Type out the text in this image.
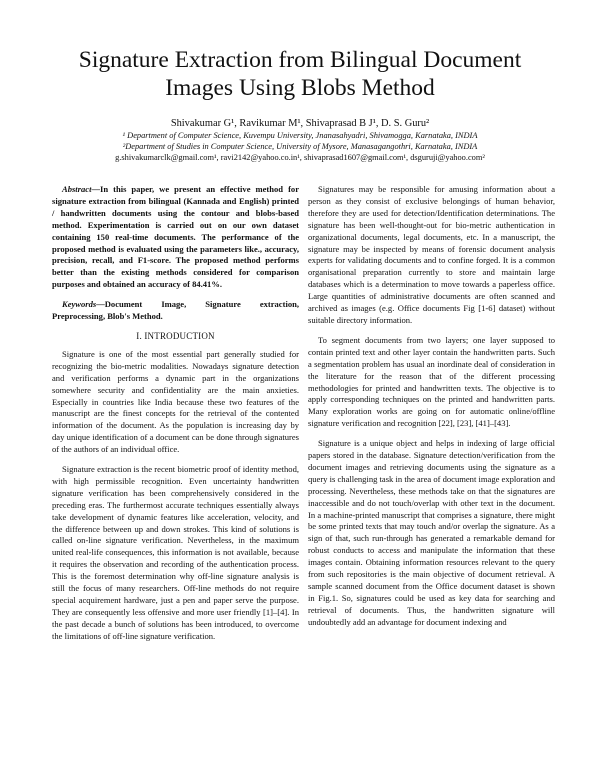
Signature Extraction from Bilingual Document
Images Using Blobs Method
Shivakumar G¹, Ravikumar M¹, Shivaprasad B J¹, D. S. Guru²
¹ Department of Computer Science, Kuvempu University, Jnanasahyadri, Shivamogga, Karnataka, INDIA
²Department of Studies in Computer Science, University of Mysore, Manasagangothri, Karnataka, INDIA
g.shivakumarclk@gmail.com¹, ravi2142@yahoo.co.in¹, shivaprasad1607@gmail.com¹, dsguruji@yahoo.com²

Abstract—In this paper, we present an effective method for signature extraction from bilingual (Kannada and English) printed / handwritten documents using the contour and blobs-based method. Experimentation is carried out on our own dataset containing 150 real-time documents. The performance of the proposed method is evaluated using the parameters like., accuracy, precision, recall, and F1-score. The proposed method performs better than the existing methods considered for comparison purposes and obtained an accuracy of 84.41%.

Keywords—Document Image, Signature extraction, Preprocessing, Blob's Method.

I. INTRODUCTION

Signature is one of the most essential part generally studied for recognizing the bio-metric modalities. Nowadays signature detection and verification performs a dynamic part in the organizations somewhere security and confidentiality are the main anxieties. Especially in countries like India because these two features of the manuscript are the finest concepts for the retrieval of the contented information of the document. As the population is increasing day by day unique identification of a document can be done through signatures of the authors of an individual office.

Signature extraction is the recent biometric proof of identity method, with high permissible recognition. Even uncertainty handwritten signature verification has been comprehensively considered in the preceding eras. The furthermost accurate techniques essentially always take development of dynamic features like acceleration, velocity, and the difference between up and down strokes. This kind of solutions is called on-line signature verification. Nevertheless, in the maximum united real-life consequences, this information is not available, because it requires the observation and recording of the authentication process. This is the foremost determination why off-line signature analysis is still the focus of many researchers. Off-line methods do not require special acquirement hardware, just a pen and paper serve the purpose. They are consequently less offensive and more user friendly [1]–[4]. In the past decade a bunch of solutions has been introduced, to overcome the limitations of off-line signature verification.

Signatures may be responsible for amusing information about a person as they consist of exclusive belongings of human behavior, therefore they are used for detection/Identification determinations. The signature has been well-thought-out for bio-metric authentication in organizational documents, legal documents, etc. In a manuscript, the signature may be inspected by means of forensic document analysis experts for validating documents and to confine forged. It is a common organisational preparation currently to store and maintain large databases which is a determination to move towards a paperless office. Large quantities of administrative documents are often scanned and archived as images (e.g. Office documents Fig [1-6] dataset) without suitable directory information.

To segment documents from two layers; one layer supposed to contain printed text and other layer contain the handwritten parts. Such a segmentation problem has usual an inordinate deal of consideration in the literature for the reason that of the different processing methodologies for printed and handwritten texts. The objective is to apply corresponding techniques on the printed and handwritten parts. Many exploration works are going on for automatic online/offline signature verification and recognition [22], [23], [41]–[43].

Signature is a unique object and helps in indexing of large official papers stored in the database. Signature detection/verification from the document images and retrieving documents using the signature as a query is challenging task in the area of document image exploration and processing. Nevertheless, these methods take on that the signatures are inaccessible and do not touch/overlap with other text in the document. In a machine-printed manuscript that comprises a signature, there might be some printed texts that may touch and/or overlap the signature. As a sign of that, such run-through has generated a remarkable demand for robust conducts to access and manipulate the information that these images contain. Obtaining information resources relevant to the query from such repositories is the main objective of document retrieval. A sample scanned document from the Office document dataset is shown in Fig.1. So, signatures could be used as key data for searching and retrieval of documents. Thus, the handwritten signature will undoubtedly add an advantage for document indexing and
